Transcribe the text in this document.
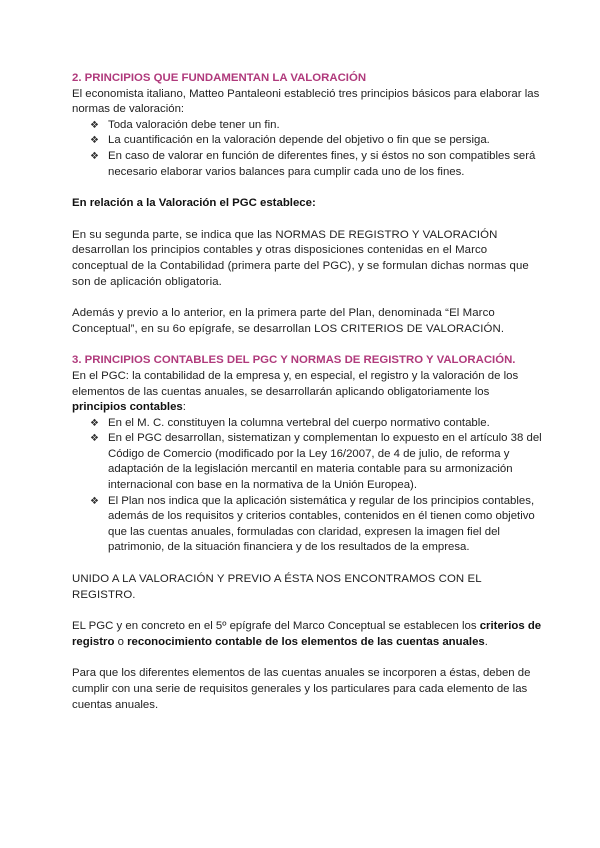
2. PRINCIPIOS QUE FUNDAMENTAN LA VALORACIÓN

El economista italiano, Matteo Pantaleoni estableció tres principios básicos para elaborar las normas de valoración:

❖ Toda valoración debe tener un fin.
❖ La cuantificación en la valoración depende del objetivo o fin que se persiga.
❖ En caso de valorar en función de diferentes fines, y si éstos no son compatibles será necesario elaborar varios balances para cumplir cada uno de los fines.

En relación a la Valoración el PGC establece:

En su segunda parte, se indica que las NORMAS DE REGISTRO Y VALORACIÓN desarrollan los principios contables y otras disposiciones contenidas en el Marco conceptual de la Contabilidad (primera parte del PGC), y se formulan dichas normas que son de aplicación obligatoria.

Además y previo a lo anterior, en la primera parte del Plan, denominada “El Marco Conceptual”, en su 6o epígrafe, se desarrollan LOS CRITERIOS DE VALORACIÓN.

3. PRINCIPIOS CONTABLES DEL PGC Y NORMAS DE REGISTRO Y VALORACIÓN.

En el PGC: la contabilidad de la empresa y, en especial, el registro y la valoración de los elementos de las cuentas anuales, se desarrollarán aplicando obligatoriamente los principios contables:

❖ En el M. C. constituyen la columna vertebral del cuerpo normativo contable.
❖ En el PGC desarrollan, sistematizan y complementan lo expuesto en el artículo 38 del Código de Comercio (modificado por la Ley 16/2007, de 4 de julio, de reforma y adaptación de la legislación mercantil en materia contable para su armonización internacional con base en la normativa de la Unión Europea).
❖ El Plan nos indica que la aplicación sistemática y regular de los principios contables, además de los requisitos y criterios contables, contenidos en él tienen como objetivo que las cuentas anuales, formuladas con claridad, expresen la imagen fiel del patrimonio, de la situación financiera y de los resultados de la empresa.

UNIDO A LA VALORACIÓN Y PREVIO A ÉSTA NOS ENCONTRAMOS CON EL REGISTRO.

EL PGC y en concreto en el 5º epígrafe del Marco Conceptual se establecen los criterios de registro o reconocimiento contable de los elementos de las cuentas anuales.

Para que los diferentes elementos de las cuentas anuales se incorporen a éstas, deben de cumplir con una serie de requisitos generales y los particulares para cada elemento de las cuentas anuales.
